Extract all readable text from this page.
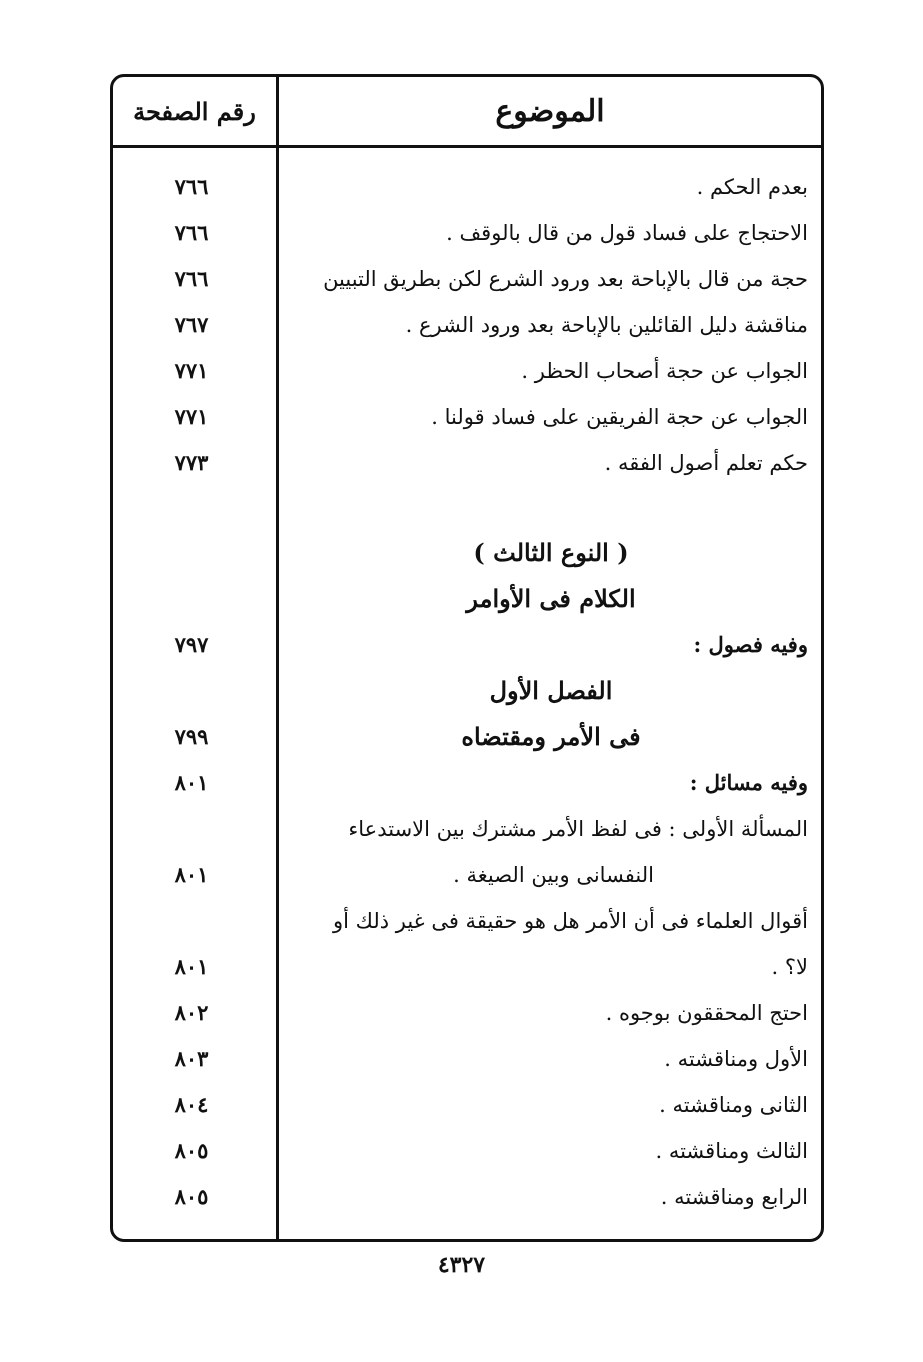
الموضوع
رقم الصفحة
بعدم الحكم .
٧٦٦
الاحتجاج على فساد قول من قال بالوقف .
٧٦٦
حجة من قال بالإباحة بعد ورود الشرع لكن بطريق التبيين
٧٦٦
مناقشة دليل القائلين بالإباحة بعد ورود الشرع .
٧٦٧
الجواب عن حجة أصحاب الحظر .
٧٧١
الجواب عن حجة الفريقين على فساد قولنا .
٧٧١
حكم تعلم أصول الفقه .
٧٧٣
( النوع الثالث )
الكلام فى الأوامر
وفيه فصول :
٧٩٧
الفصل الأول
فى الأمر ومقتضاه
٧٩٩
وفيه مسائل :
٨٠١
المسألة الأولى : فى لفظ الأمر مشترك بين الاستدعاء
النفسانى وبين الصيغة .
٨٠١
أقوال العلماء فى أن الأمر هل هو حقيقة فى غير ذلك أو
لا؟ .
٨٠١
احتج المحققون بوجوه .
٨٠٢
الأول ومناقشته .
٨٠٣
الثانى ومناقشته .
٨٠٤
الثالث ومناقشته .
٨٠٥
الرابع ومناقشته .
٨٠٥
٤٣٢٧
